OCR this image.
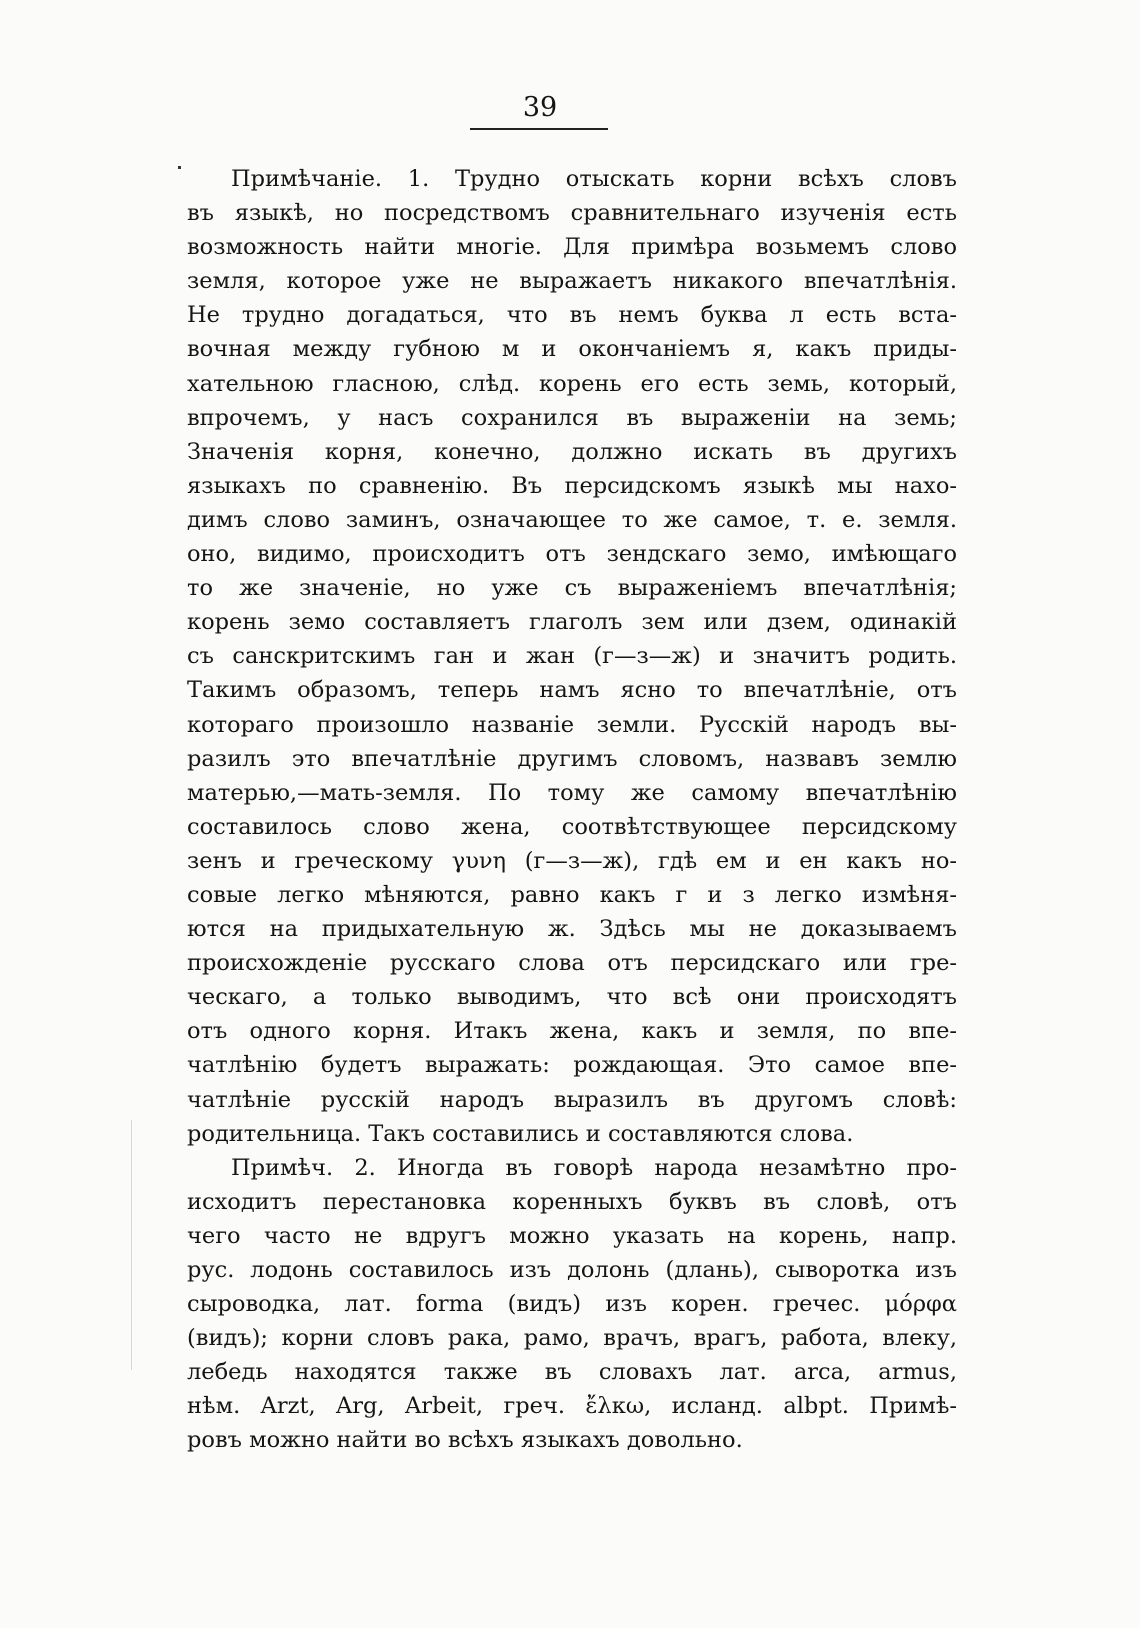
39
Примѣчаніе. 1. Трудно отыскать корни всѣхъ словъ
въ языкѣ, но посредствомъ сравнительнаго изученія есть
возможность найти многіе. Для примѣра возьмемъ слово
земля, которое уже не выражаетъ никакого впечатлѣнія.
Не трудно догадаться, что въ немъ буква л есть вста-
вочная между губною м и окончаніемъ я, какъ приды-
хательною гласною, слѣд. корень его есть земь, который,
впрочемъ, у насъ сохранился въ выраженіи на земь;
Значенія корня, конечно, должно искать въ другихъ
языкахъ по сравненію. Въ персидскомъ языкѣ мы нахо-
димъ слово заминъ, означающее то же самое, т. е. земля.
оно, видимо, происходитъ отъ зендскаго земо, имѣющаго
то же значеніе, но уже съ выраженіемъ впечатлѣнія;
корень земо составляетъ глаголъ зем или дзем, одинакій
съ санскритскимъ ган и жан (г—з—ж) и значитъ родить.
Такимъ образомъ, теперь намъ ясно то впечатлѣніе, отъ
котораго произошло названіе земли. Русскій народъ вы-
разилъ это впечатлѣніе другимъ словомъ, назвавъ землю
матерью,—мать-земля. По тому же самому впечатлѣнію
составилось слово жена, соотвѣтствующее персидскому
зенъ и греческому γυνη (г—з—ж), гдѣ ем и ен какъ но-
совые легко мѣняются, равно какъ г и з легко измѣня-
ются на придыхательную ж. Здѣсь мы не доказываемъ
происхожденіе русскаго слова отъ персидскаго или гре-
ческаго, а только выводимъ, что всѣ они происходятъ
отъ одного корня. Итакъ жена, какъ и земля, по впе-
чатлѣнію будетъ выражать: рождающая. Это самое впе-
чатлѣніе русскій народъ выразилъ въ другомъ словѣ:
родительница. Такъ составились и составляются слова.
Примѣч. 2. Иногда въ говорѣ народа незамѣтно про-
исходитъ перестановка коренныхъ буквъ въ словѣ, отъ
чего часто не вдругъ можно указать на корень, напр.
рус. лодонь составилось изъ долонь (длань), сыворотка изъ
сыроводка, лат. forma (видъ) изъ корен. гречес. μόρφα
(видъ); корни словъ рака, рамо, врачъ, врагъ, работа, влеку,
лебедь находятся также въ словахъ лат. arca, armus,
нѣм. Arzt, Arg, Arbeit, греч. ἔλκω, исланд. albpt. Примѣ-
ровъ можно найти во всѣхъ языкахъ довольно.
